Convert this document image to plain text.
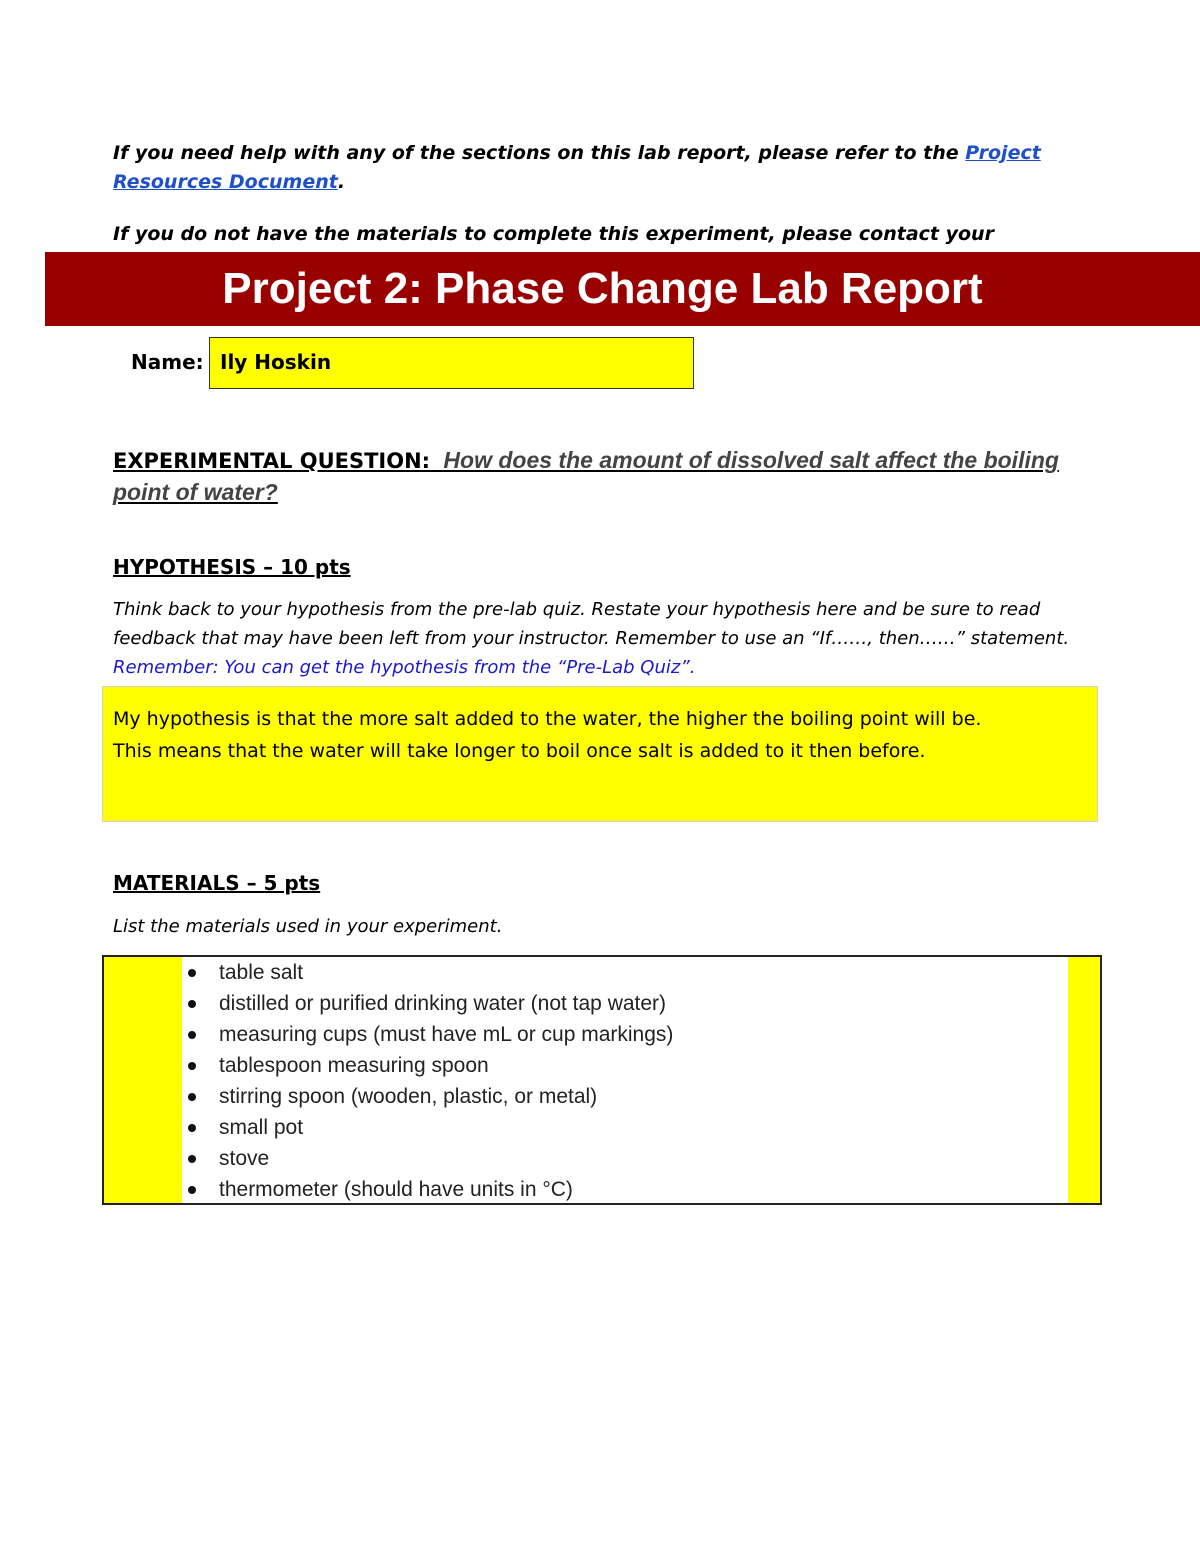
If you need help with any of the sections on this lab report, please refer to the Project Resources Document.
If you do not have the materials to complete this experiment, please contact your
Project 2: Phase Change Lab Report
Name: Ily Hoskin
EXPERIMENTAL QUESTION: How does the amount of dissolved salt affect the boiling point of water?
HYPOTHESIS – 10 pts
Think back to your hypothesis from the pre-lab quiz. Restate your hypothesis here and be sure to read feedback that may have been left from your instructor. Remember to use an “If……, then……” statement.   Remember: You can get the hypothesis from the “Pre-Lab Quiz”.
My hypothesis is that the more salt added to the water, the higher the boiling point will be.
This means that the water will take longer to boil once salt is added to it then before.
MATERIALS – 5 pts
List the materials used in your experiment.
table salt
distilled or purified drinking water (not tap water)
measuring cups (must have mL or cup markings)
tablespoon measuring spoon
stirring spoon (wooden, plastic, or metal)
small pot
stove
thermometer (should have units in °C)
